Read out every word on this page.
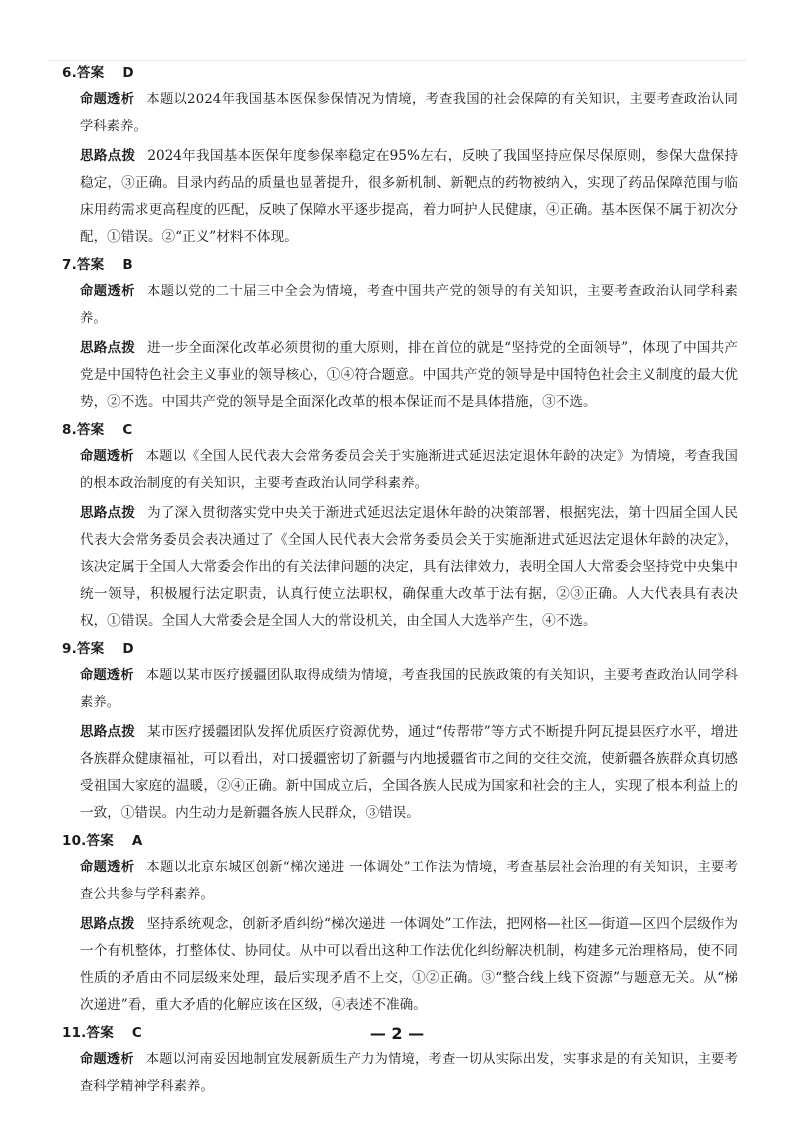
6.答案 D
命题透析 本题以2024年我国基本医保参保情况为情境，考查我国的社会保障的有关知识，主要考查政治认同学科素养。
思路点拨 2024年我国基本医保年度参保率稳定在95%左右，反映了我国坚持应保尽保原则，参保大盘保持稳定，③正确。目录内药品的质量也显著提升，很多新机制、新靶点的药物被纳入，实现了药品保障范围与临床用药需求更高程度的匹配，反映了保障水平逐步提高，着力呵护人民健康，④正确。基本医保不属于初次分配，①错误。②“正义”材料不体现。
7.答案 B
命题透析 本题以党的二十届三中全会为情境，考查中国共产党的领导的有关知识，主要考查政治认同学科素养。
思路点拨 进一步全面深化改革必须贯彻的重大原则，排在首位的就是“坚持党的全面领导”，体现了中国共产党是中国特色社会主义事业的领导核心，①④符合题意。中国共产党的领导是中国特色社会主义制度的最大优势，②不选。中国共产党的领导是全面深化改革的根本保证而不是具体措施，③不选。
8.答案 C
命题透析 本题以《全国人民代表大会常务委员会关于实施渐进式延迟法定退休年龄的决定》为情境，考查我国的根本政治制度的有关知识，主要考查政治认同学科素养。
思路点拨 为了深入贯彻落实党中央关于渐进式延迟法定退休年龄的决策部署，根据宪法，第十四届全国人民代表大会常务委员会表决通过了《全国人民代表大会常务委员会关于实施渐进式延迟法定退休年龄的决定》，该决定属于全国人大常委会作出的有关法律问题的决定，具有法律效力，表明全国人大常委会坚持党中央集中统一领导，积极履行法定职责，认真行使立法职权，确保重大改革于法有据，②③正确。人大代表具有表决权，①错误。全国人大常委会是全国人大的常设机关，由全国人大选举产生，④不选。
9.答案 D
命题透析 本题以某市医疗援疆团队取得成绩为情境，考查我国的民族政策的有关知识，主要考查政治认同学科素养。
思路点拨 某市医疗援疆团队发挥优质医疗资源优势，通过“传帮带”等方式不断提升阿瓦提县医疗水平，增进各族群众健康福祉，可以看出，对口援疆密切了新疆与内地援疆省市之间的交往交流，使新疆各族群众真切感受祖国大家庭的温暖，②④正确。新中国成立后，全国各族人民成为国家和社会的主人，实现了根本利益上的一致，①错误。内生动力是新疆各族人民群众，③错误。
10.答案 A
命题透析 本题以北京东城区创新“梯次递进 一体调处”工作法为情境，考查基层社会治理的有关知识，主要考查公共参与学科素养。
思路点拨 坚持系统观念，创新矛盾纠纷“梯次递进 一体调处”工作法，把网格—社区—街道—区四个层级作为一个有机整体，打整体仗、协同仗。从中可以看出这种工作法优化纠纷解决机制，构建多元治理格局，使不同性质的矛盾由不同层级来处理，最后实现矛盾不上交，①②正确。③“整合线上线下资源”与题意无关。从“梯次递进”看，重大矛盾的化解应该在区级，④表述不准确。
11.答案 C
命题透析 本题以河南妥因地制宜发展新质生产力为情境，考查一切从实际出发，实事求是的有关知识，主要考查科学精神学科素养。
— 2 —
